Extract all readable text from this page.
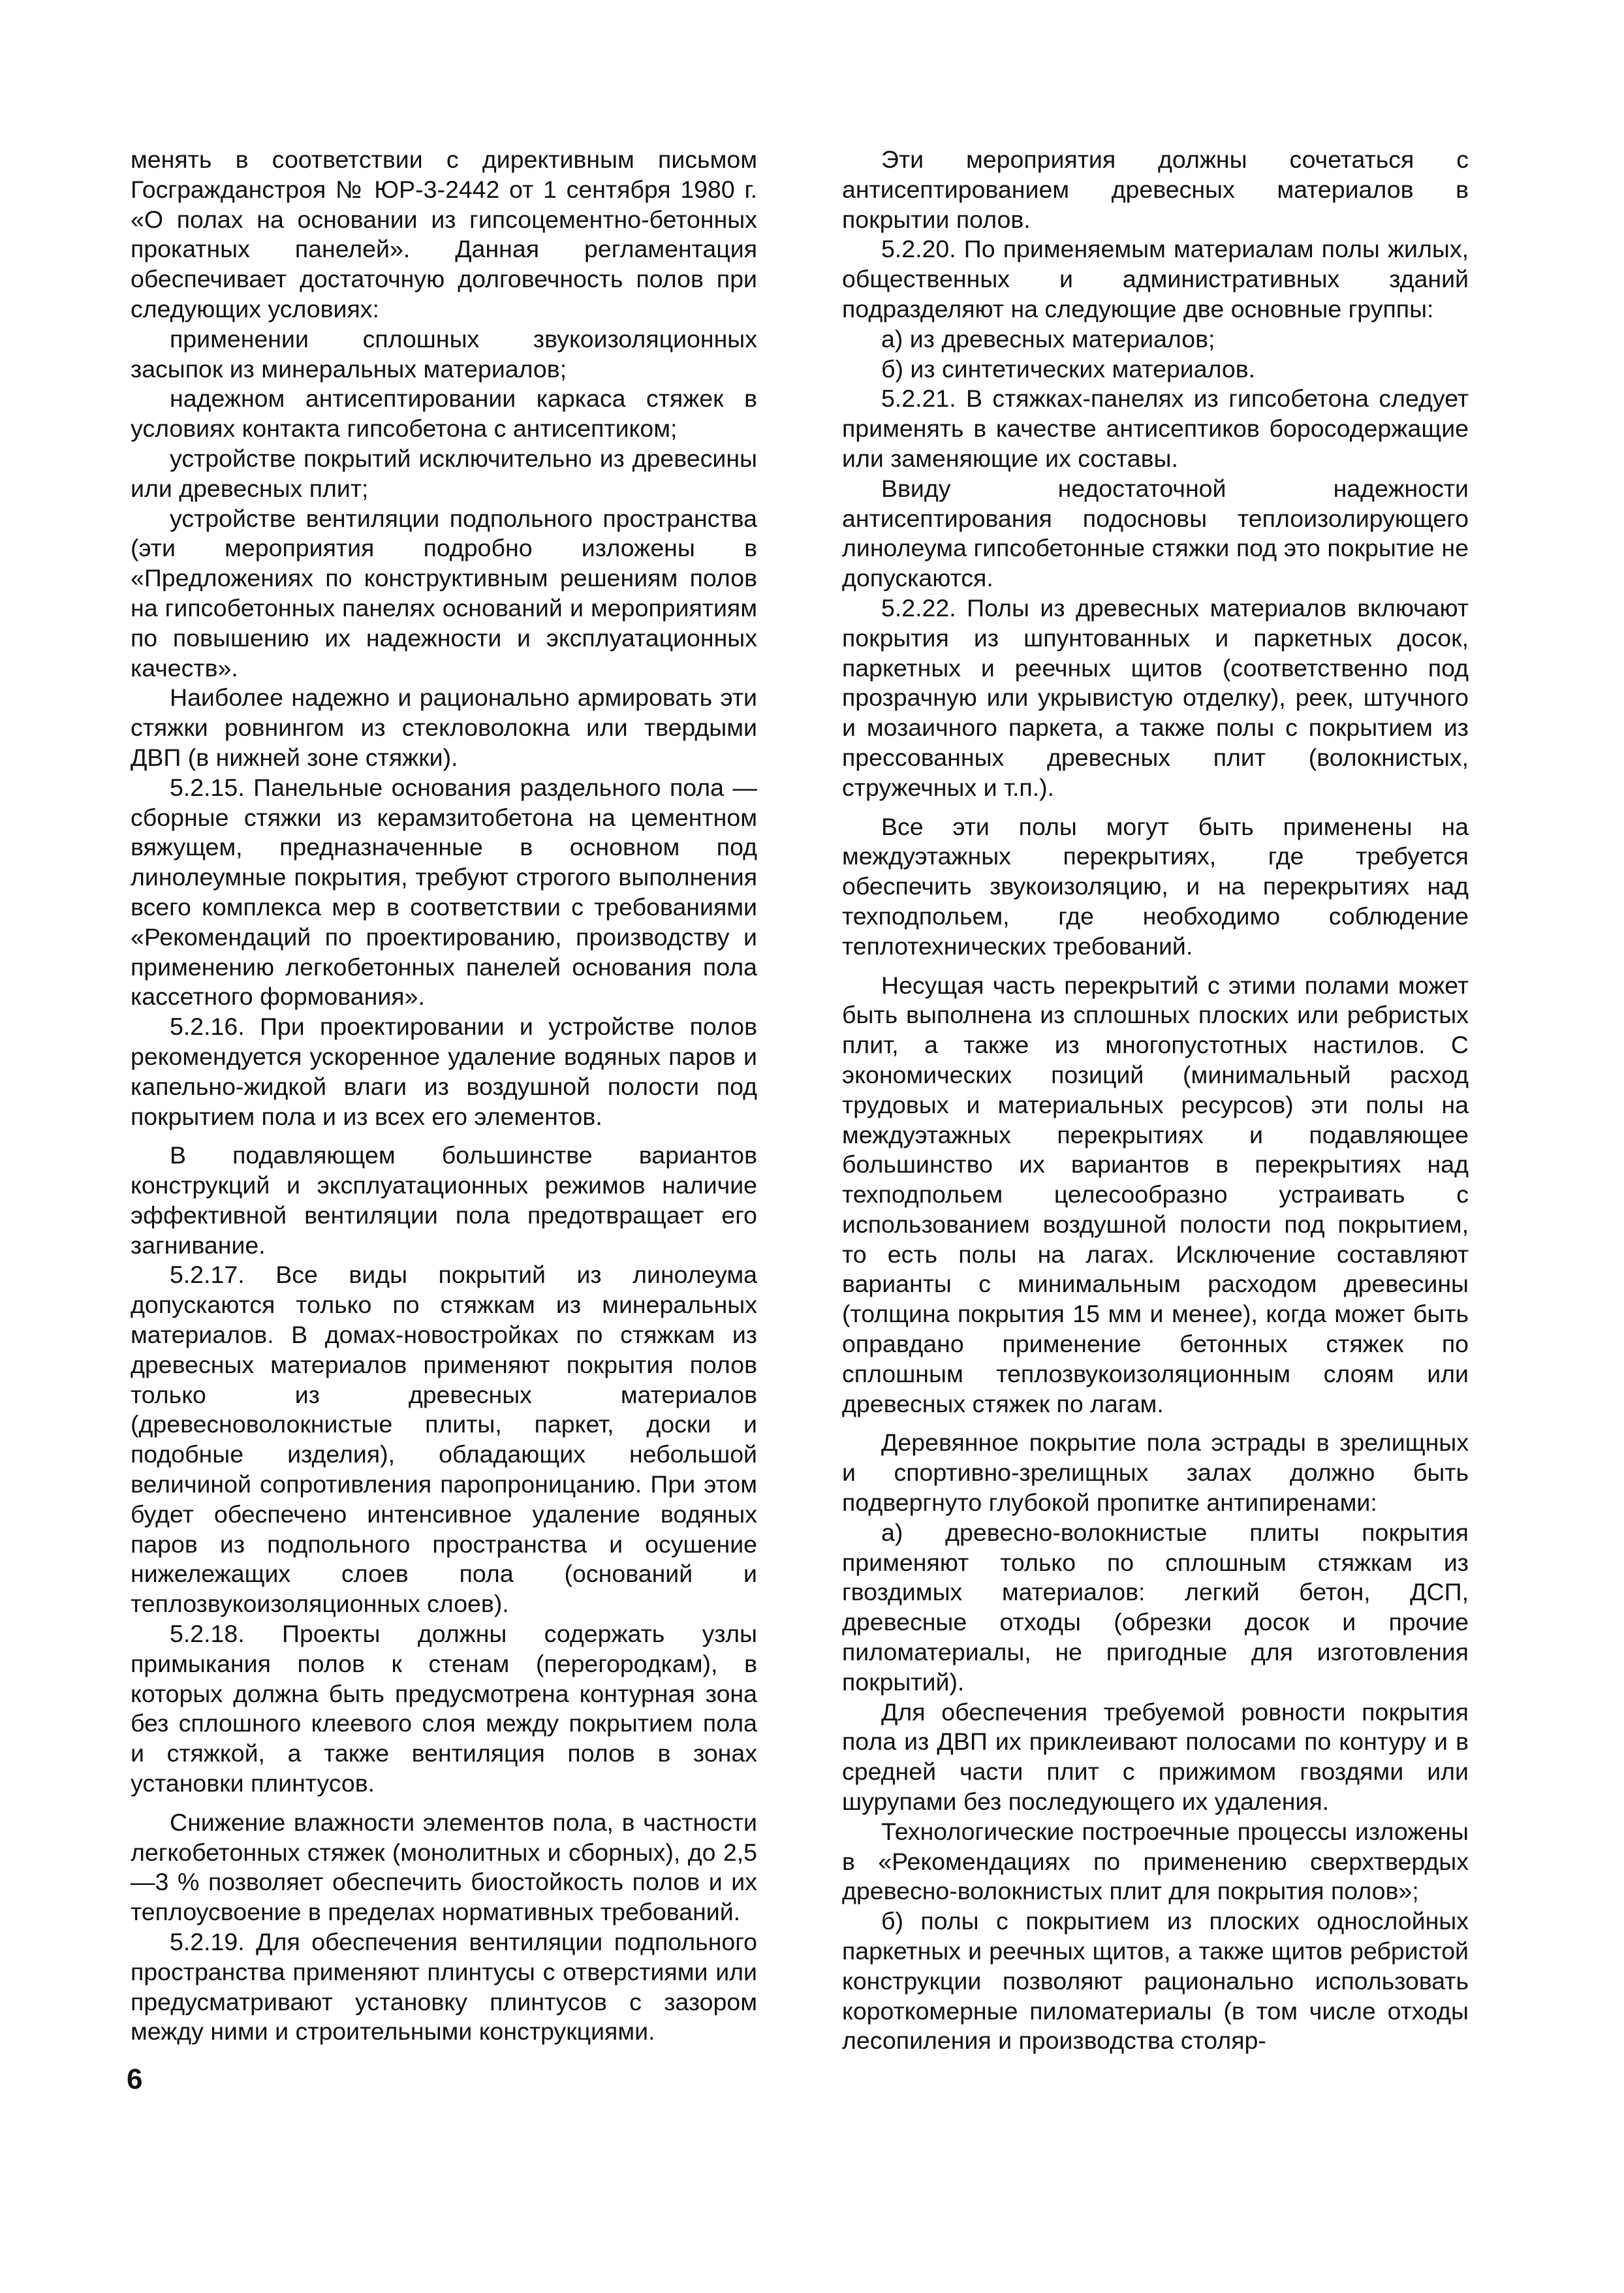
менять в соответствии с директивным письмом Госгражданстроя № ЮР-3-2442 от 1 сентября 1980 г. «О полах на основании из гипсоцементно-бетонных прокатных панелей». Данная регламентация обеспечивает достаточную долговечность полов при следующих условиях:

применении сплошных звукоизоляционных засыпок из минеральных материалов;

надежном антисептировании каркаса стяжек в условиях контакта гипсобетона с антисептиком;

устройстве покрытий исключительно из древесины или древесных плит;

устройстве вентиляции подпольного пространства (эти мероприятия подробно изложены в «Предложениях по конструктивным решениям полов на гипсобетонных панелях оснований и мероприятиям по повышению их надежности и эксплуатационных качеств».

Наиболее надежно и рационально армировать эти стяжки ровнингом из стекловолокна или твердыми ДВП (в нижней зоне стяжки).

5.2.15. Панельные основания раздельного пола — сборные стяжки из керамзитобетона на цементном вяжущем, предназначенные в основном под линолеумные покрытия, требуют строгого выполнения всего комплекса мер в соответствии с требованиями «Рекомендаций по проектированию, производству и применению легкобетонных панелей основания пола кассетного формования».

5.2.16. При проектировании и устройстве полов рекомендуется ускоренное удаление водяных паров и капельно-жидкой влаги из воздушной полости под покрытием пола и из всех его элементов.

В подавляющем большинстве вариантов конструкций и эксплуатационных режимов наличие эффективной вентиляции пола предотвращает его загнивание.

5.2.17. Все виды покрытий из линолеума допускаются только по стяжкам из минеральных материалов. В домах-новостройках по стяжкам из древесных материалов применяют покрытия полов только из древесных материалов (древесноволокнистые плиты, паркет, доски и подобные изделия), обладающих небольшой величиной сопротивления паропроницанию. При этом будет обеспечено интенсивное удаление водяных паров из подпольного пространства и осушение нижележащих слоев пола (оснований и теплозвукоизоляционных слоев).

5.2.18. Проекты должны содержать узлы примыкания полов к стенам (перегородкам), в которых должна быть предусмотрена контурная зона без сплошного клеевого слоя между покрытием пола и стяжкой, а также вентиляция полов в зонах установки плинтусов.

Снижение влажности элементов пола, в частности легкобетонных стяжек (монолитных и сборных), до 2,5—3 % позволяет обеспечить биостойкость полов и их теплоусвоение в пределах нормативных требований.

5.2.19. Для обеспечения вентиляции подпольного пространства применяют плинтусы с отверстиями или предусматривают установку плинтусов с зазором между ними и строительными конструкциями.

Эти мероприятия должны сочетаться с антисептированием древесных материалов в покрытии полов.

5.2.20. По применяемым материалам полы жилых, общественных и административных зданий подразделяют на следующие две основные группы:

а) из древесных материалов;

б) из синтетических материалов.

5.2.21. В стяжках-панелях из гипсобетона следует применять в качестве антисептиков боросодержащие или заменяющие их составы.

Ввиду недостаточной надежности антисептирования подосновы теплоизолирующего линолеума гипсобетонные стяжки под это покрытие не допускаются.

5.2.22. Полы из древесных материалов включают покрытия из шпунтованных и паркетных досок, паркетных и реечных щитов (соответственно под прозрачную или укрывистую отделку), реек, штучного и мозаичного паркета, а также полы с покрытием из прессованных древесных плит (волокнистых, стружечных и т.п.).

Все эти полы могут быть применены на междуэтажных перекрытиях, где требуется обеспечить звукоизоляцию, и на перекрытиях над техподпольем, где необходимо соблюдение теплотехнических требований.

Несущая часть перекрытий с этими полами может быть выполнена из сплошных плоских или ребристых плит, а также из многопустотных настилов. С экономических позиций (минимальный расход трудовых и материальных ресурсов) эти полы на междуэтажных перекрытиях и подавляющее большинство их вариантов в перекрытиях над техподпольем целесообразно устраивать с использованием воздушной полости под покрытием, то есть полы на лагах. Исключение составляют варианты с минимальным расходом древесины (толщина покрытия 15 мм и менее), когда может быть оправдано применение бетонных стяжек по сплошным теплозвукоизоляционным слоям или древесных стяжек по лагам.

Деревянное покрытие пола эстрады в зрелищных и спортивно-зрелищных залах должно быть подвергнуто глубокой пропитке антипиренами:

а) древесно-волокнистые плиты покрытия применяют только по сплошным стяжкам из гвоздимых материалов: легкий бетон, ДСП, древесные отходы (обрезки досок и прочие пиломатериалы, не пригодные для изготовления покрытий).

Для обеспечения требуемой ровности покрытия пола из ДВП их приклеивают полосами по контуру и в средней части плит с прижимом гвоздями или шурупами без последующего их удаления.

Технологические построечные процессы изложены в «Рекомендациях по применению сверхтвердых древесно-волокнистых плит для покрытия полов»;

б) полы с покрытием из плоских однослойных паркетных и реечных щитов, а также щитов ребристой конструкции позволяют рационально использовать короткомерные пиломатериалы (в том числе отходы лесопиления и производства столяр-

6
